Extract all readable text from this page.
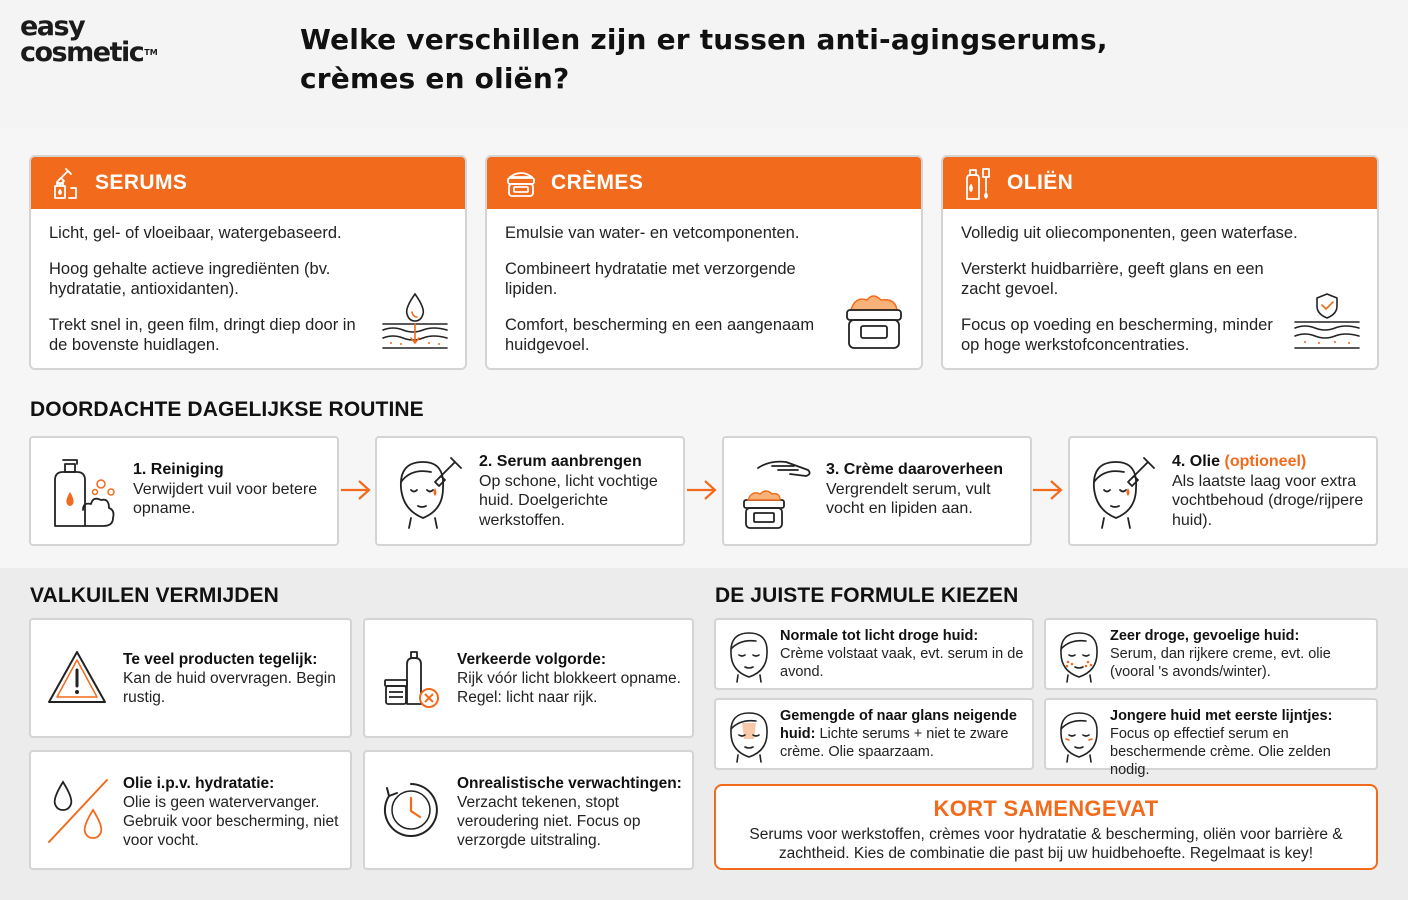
easy
cosmetic™	Welke verschillen zijn er tussen anti-agingserums, crèmes en oliën?
SERUMS

Licht, gel- of vloeibaar, watergebaseerd.

Hoog gehalte actieve ingrediënten (bv. hydratatie, antioxidanten).

Trekt snel in, geen film, dringt diep door in de bovenste huidlagen.

CRÈMES

Emulsie van water- en vetcomponenten.

Combineert hydratatie met verzorgende lipiden.

Comfort, bescherming en een aangenaam huidgevoel.

OLIËN

Volledig uit oliecomponenten, geen waterfase.

Versterkt huidbarrière, geeft glans en een zacht gevoel.

Focus op voeding en bescherming, minder op hoge werkstofconcentraties.

DOORDACHTE DAGELIJKSE ROUTINE
1. Reiniging
Verwijdert vuil voor betere opname.
2. Serum aanbrengen
Op schone, licht vochtige huid. Doelgerichte werkstoffen.
3. Crème daaroverheen
Vergrendelt serum, vult vocht en lipiden aan.
4. Olie (optioneel)
Als laatste laag voor extra vochtbehoud (droge/rijpere huid).
VALKUILEN VERMIJDEN
Te veel producten tegelijk:
Kan de huid overvragen. Begin rustig.
Verkeerde volgorde:
Rijk vóór licht blokkeert opname. Regel: licht naar rijk.
Olie i.p.v. hydratatie:
Olie is geen watervervanger. Gebruik voor bescherming, niet voor vocht.
Onrealistische verwachtingen:
Verzacht tekenen, stopt veroudering niet. Focus op verzorgde uitstraling.
DE JUISTE FORMULE KIEZEN
Normale tot licht droge huid:
Crème volstaat vaak, evt. serum in de avond.
Zeer droge, gevoelige huid:
Serum, dan rijkere creme, evt. olie (vooral 's avonds/winter).
Gemengde of naar glans neigende huid: Lichte serums + niet te zware crème. Olie spaarzaam.
Jongere huid met eerste lijntjes:
Focus op effectief serum en beschermende crème. Olie zelden nodig.
KORT SAMENGEVAT
Serums voor werkstoffen, crèmes voor hydratatie & bescherming, oliën voor barrière & zachtheid. Kies de combinatie die past bij uw huidbehoefte. Regelmaat is key!
